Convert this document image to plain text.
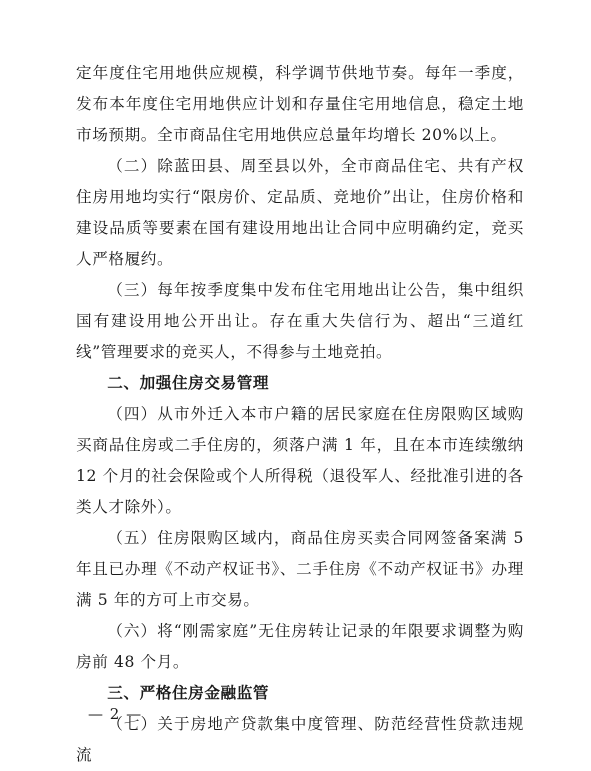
定年度住宅用地供应规模，科学调节供地节奏。每年一季度，发布本年度住宅用地供应计划和存量住宅用地信息，稳定土地市场预期。全市商品住宅用地供应总量年均增长 20%以上。

（二）除蓝田县、周至县以外，全市商品住宅、共有产权住房用地均实行“限房价、定品质、竞地价”出让，住房价格和建设品质等要素在国有建设用地出让合同中应明确约定，竞买人严格履约。

（三）每年按季度集中发布住宅用地出让公告，集中组织国有建设用地公开出让。存在重大失信行为、超出“三道红线”管理要求的竞买人，不得参与土地竞拍。

二、加强住房交易管理

（四）从市外迁入本市户籍的居民家庭在住房限购区域购买商品住房或二手住房的，须落户满 1 年，且在本市连续缴纳 12 个月的社会保险或个人所得税（退役军人、经批准引进的各类人才除外）。

（五）住房限购区域内，商品住房买卖合同网签备案满 5 年且已办理《不动产权证书》、二手住房《不动产权证书》办理满 5 年的方可上市交易。

（六）将“刚需家庭”无住房转让记录的年限要求调整为购房前 48 个月。

三、严格住房金融监管

（七）关于房地产贷款集中度管理、防范经营性贷款违规流

— 2 —
